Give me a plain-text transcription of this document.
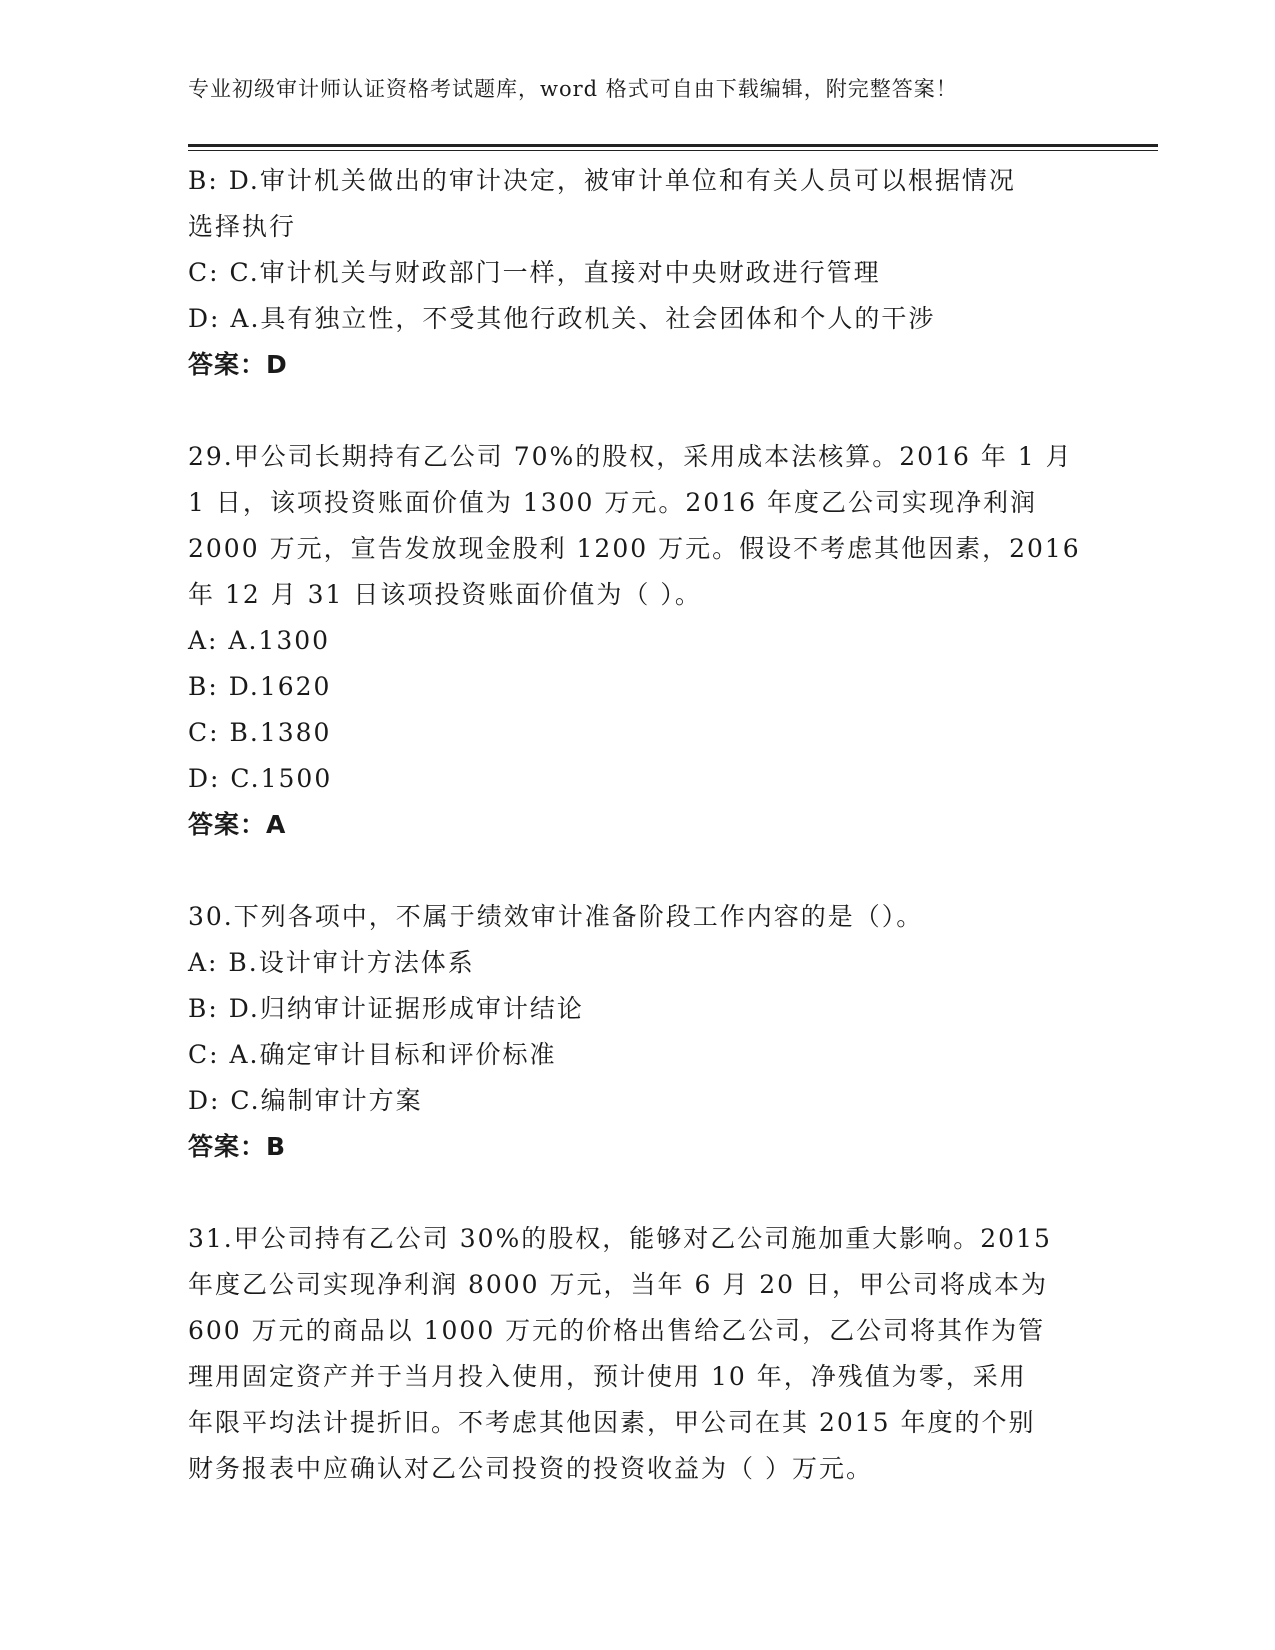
专业初级审计师认证资格考试题库，word 格式可自由下载编辑，附完整答案！
B: D.审计机关做出的审计决定，被审计单位和有关人员可以根据情况
选择执行
C: C.审计机关与财政部门一样，直接对中央财政进行管理
D: A.具有独立性，不受其他行政机关、社会团体和个人的干涉
答案：D
29.甲公司长期持有乙公司 70%的股权，采用成本法核算。2016 年 1 月
1 日，该项投资账面价值为 1300 万元。2016 年度乙公司实现净利润
2000 万元，宣告发放现金股利 1200 万元。假设不考虑其他因素，2016
年 12 月 31 日该项投资账面价值为（ ）。
A: A.1300
B: D.1620
C: B.1380
D: C.1500
答案：A
30.下列各项中，不属于绩效审计准备阶段工作内容的是（）。
A: B.设计审计方法体系
B: D.归纳审计证据形成审计结论
C: A.确定审计目标和评价标准
D: C.编制审计方案
答案：B
31.甲公司持有乙公司 30%的股权，能够对乙公司施加重大影响。2015
年度乙公司实现净利润 8000 万元，当年 6 月 20 日，甲公司将成本为
600 万元的商品以 1000 万元的价格出售给乙公司，乙公司将其作为管
理用固定资产并于当月投入使用，预计使用 10 年，净残值为零，采用
年限平均法计提折旧。不考虑其他因素，甲公司在其 2015 年度的个别
财务报表中应确认对乙公司投资的投资收益为（ ）万元。
